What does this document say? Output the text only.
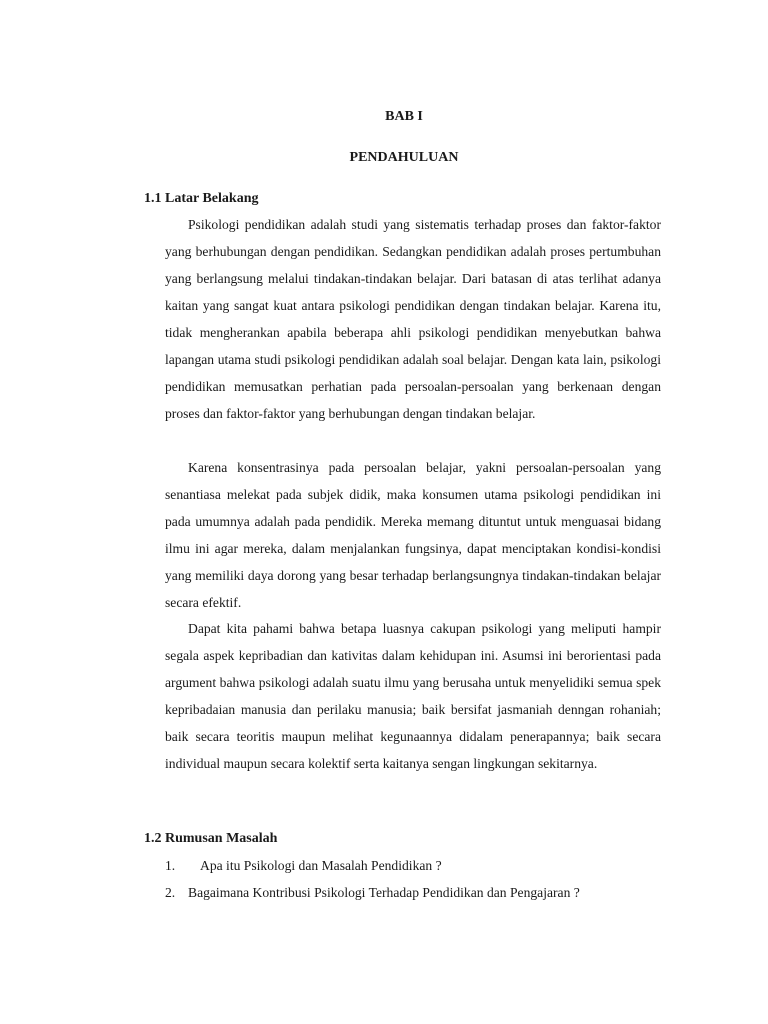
BAB I
PENDAHULUAN
1.1 Latar Belakang

Psikologi pendidikan adalah studi yang sistematis terhadap proses dan faktor-faktor yang berhubungan dengan pendidikan. Sedangkan pendidikan adalah proses pertumbuhan yang berlangsung melalui tindakan-tindakan belajar. Dari batasan di atas terlihat adanya kaitan yang sangat kuat antara psikologi pendidikan dengan tindakan belajar. Karena itu, tidak mengherankan apabila beberapa ahli psikologi pendidikan menyebutkan bahwa lapangan utama studi psikologi pendidikan adalah soal belajar. Dengan kata lain, psikologi pendidikan memusatkan perhatian pada persoalan-persoalan yang berkenaan dengan proses dan faktor-faktor yang berhubungan dengan tindakan belajar.

Karena konsentrasinya pada persoalan belajar, yakni persoalan-persoalan yang senantiasa melekat pada subjek didik, maka konsumen utama psikologi pendidikan ini pada umumnya adalah pada pendidik. Mereka memang dituntut untuk menguasai bidang ilmu ini agar mereka, dalam menjalankan fungsinya, dapat menciptakan kondisi-kondisi yang memiliki daya dorong yang besar terhadap berlangsungnya tindakan-tindakan belajar secara efektif.

Dapat kita pahami bahwa betapa luasnya cakupan psikologi yang meliputi hampir segala aspek kepribadian dan kativitas dalam kehidupan ini. Asumsi ini berorientasi pada argument bahwa psikologi adalah suatu ilmu yang berusaha untuk menyelidiki semua spek kepribadaian manusia dan perilaku manusia; baik bersifat jasmaniah denngan rohaniah; baik secara teoritis maupun melihat kegunaannya didalam penerapannya; baik secara individual maupun secara kolektif serta kaitanya sengan lingkungan sekitarnya.

1.2 Rumusan Masalah
1. Apa itu Psikologi dan Masalah Pendidikan ?
2. Bagaimana Kontribusi Psikologi Terhadap Pendidikan dan Pengajaran ?
